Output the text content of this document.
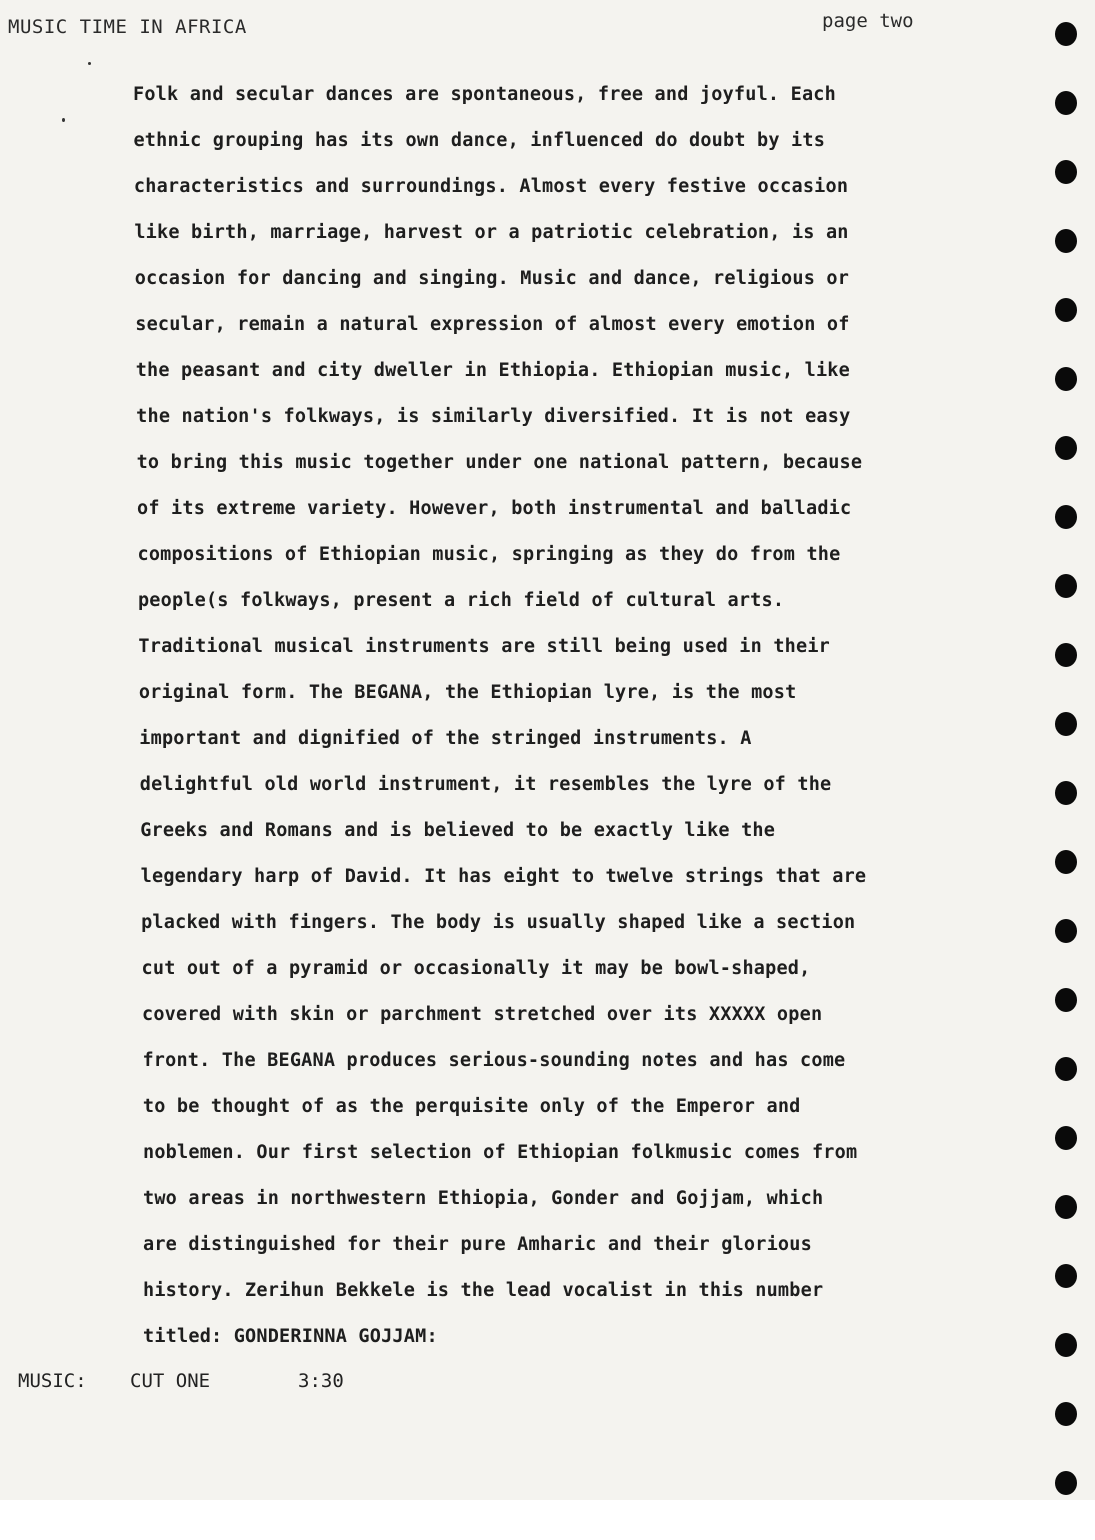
MUSIC TIME IN AFRICA	page two
Folk and secular dances are spontaneous, free and joyful. Each
ethnic grouping has its own dance, influenced do doubt by its
characteristics and surroundings. Almost every festive occasion
like birth, marriage, harvest or a patriotic celebration, is an
occasion for dancing and singing. Music and dance, religious or
secular, remain a natural expression of almost every emotion of
the peasant and city dweller in Ethiopia. Ethiopian music, like
the nation's folkways, is similarly diversified. It is not easy
to bring this music together under one national pattern, because
of its extreme variety. However, both instrumental and balladic
compositions of Ethiopian music, springing as they do from the
people(s folkways, present a rich field of cultural arts.
Traditional musical instruments are still being used in their
original form. The BEGANA, the Ethiopian lyre, is the most
important and dignified of the stringed instruments. A
delightful old world instrument, it resembles the lyre of the
Greeks and Romans and is believed to be exactly like the
legendary harp of David. It has eight to twelve strings that are
placked with fingers. The body is usually shaped like a section
cut out of a pyramid or occasionally it may be bowl-shaped,
covered with skin or parchment stretched over its XXXXX open
front. The BEGANA produces serious-sounding notes and has come
to be thought of as the perquisite only of the Emperor and
noblemen. Our first selection of Ethiopian folkmusic comes from
two areas in northwestern Ethiopia, Gonder and Gojjam, which
are distinguished for their pure Amharic and their glorious
history. Zerihun Bekkele is the lead vocalist in this number
titled: GONDERINNA GOJJAM:
MUSIC: CUT ONE	3:30
